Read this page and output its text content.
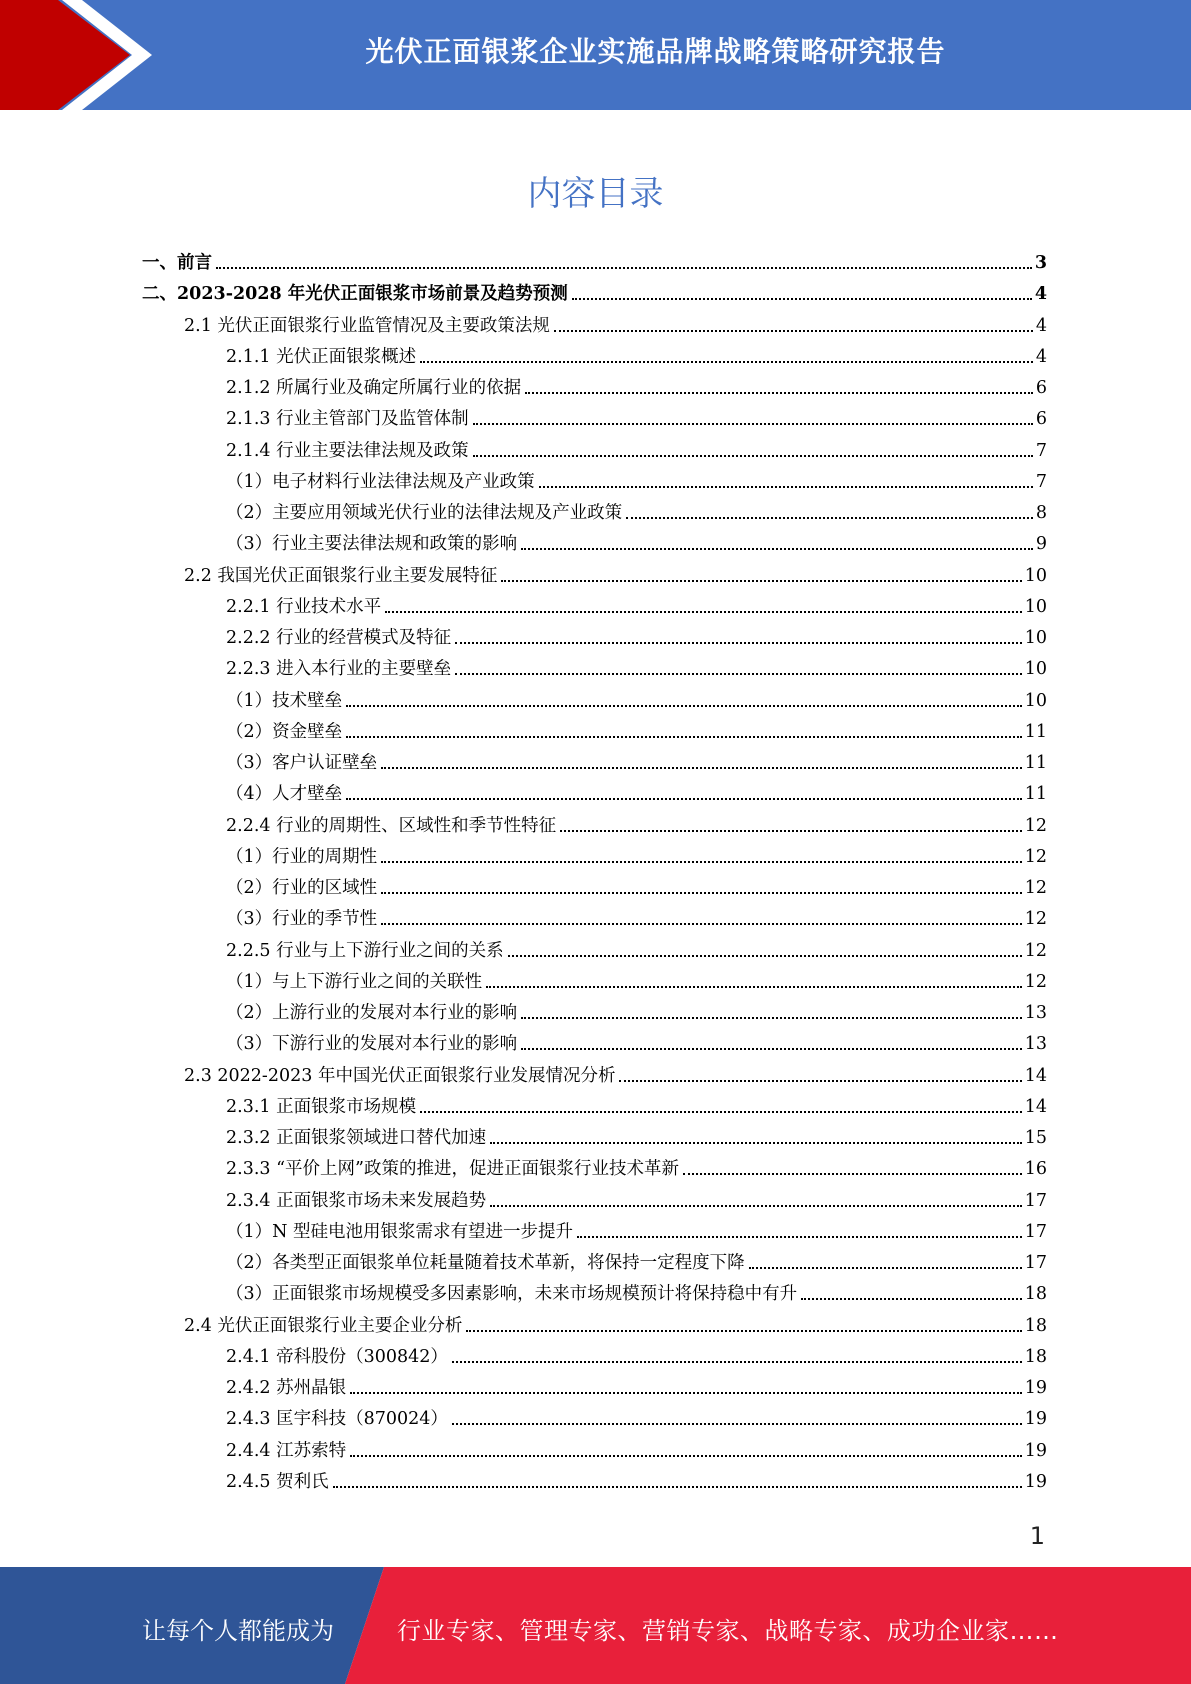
光伏正面银浆企业实施品牌战略策略研究报告
内容目录
一、前言	3
二、2023-2028 年光伏正面银浆市场前景及趋势预测	4
2.1 光伏正面银浆行业监管情况及主要政策法规	4
2.1.1 光伏正面银浆概述	4
2.1.2 所属行业及确定所属行业的依据	6
2.1.3 行业主管部门及监管体制	6
2.1.4 行业主要法律法规及政策	7
（1）电子材料行业法律法规及产业政策	7
（2）主要应用领域光伏行业的法律法规及产业政策	8
（3）行业主要法律法规和政策的影响	9
2.2 我国光伏正面银浆行业主要发展特征	10
2.2.1 行业技术水平	10
2.2.2 行业的经营模式及特征	10
2.2.3 进入本行业的主要壁垒	10
（1）技术壁垒	10
（2）资金壁垒	11
（3）客户认证壁垒	11
（4）人才壁垒	11
2.2.4 行业的周期性、区域性和季节性特征	12
（1）行业的周期性	12
（2）行业的区域性	12
（3）行业的季节性	12
2.2.5 行业与上下游行业之间的关系	12
（1）与上下游行业之间的关联性	12
（2）上游行业的发展对本行业的影响	13
（3）下游行业的发展对本行业的影响	13
2.3 2022-2023 年中国光伏正面银浆行业发展情况分析	14
2.3.1 正面银浆市场规模	14
2.3.2 正面银浆领域进口替代加速	15
2.3.3 “平价上网”政策的推进，促进正面银浆行业技术革新	16
2.3.4 正面银浆市场未来发展趋势	17
（1）N 型硅电池用银浆需求有望进一步提升	17
（2）各类型正面银浆单位耗量随着技术革新，将保持一定程度下降	17
（3）正面银浆市场规模受多因素影响，未来市场规模预计将保持稳中有升	18
2.4 光伏正面银浆行业主要企业分析	18
2.4.1 帝科股份（300842）	18
2.4.2 苏州晶银	19
2.4.3 匡宇科技（870024）	19
2.4.4 江苏索特	19
2.4.5 贺利氏	19
1
让每个人都能成为	行业专家、管理专家、营销专家、战略专家、成功企业家……
